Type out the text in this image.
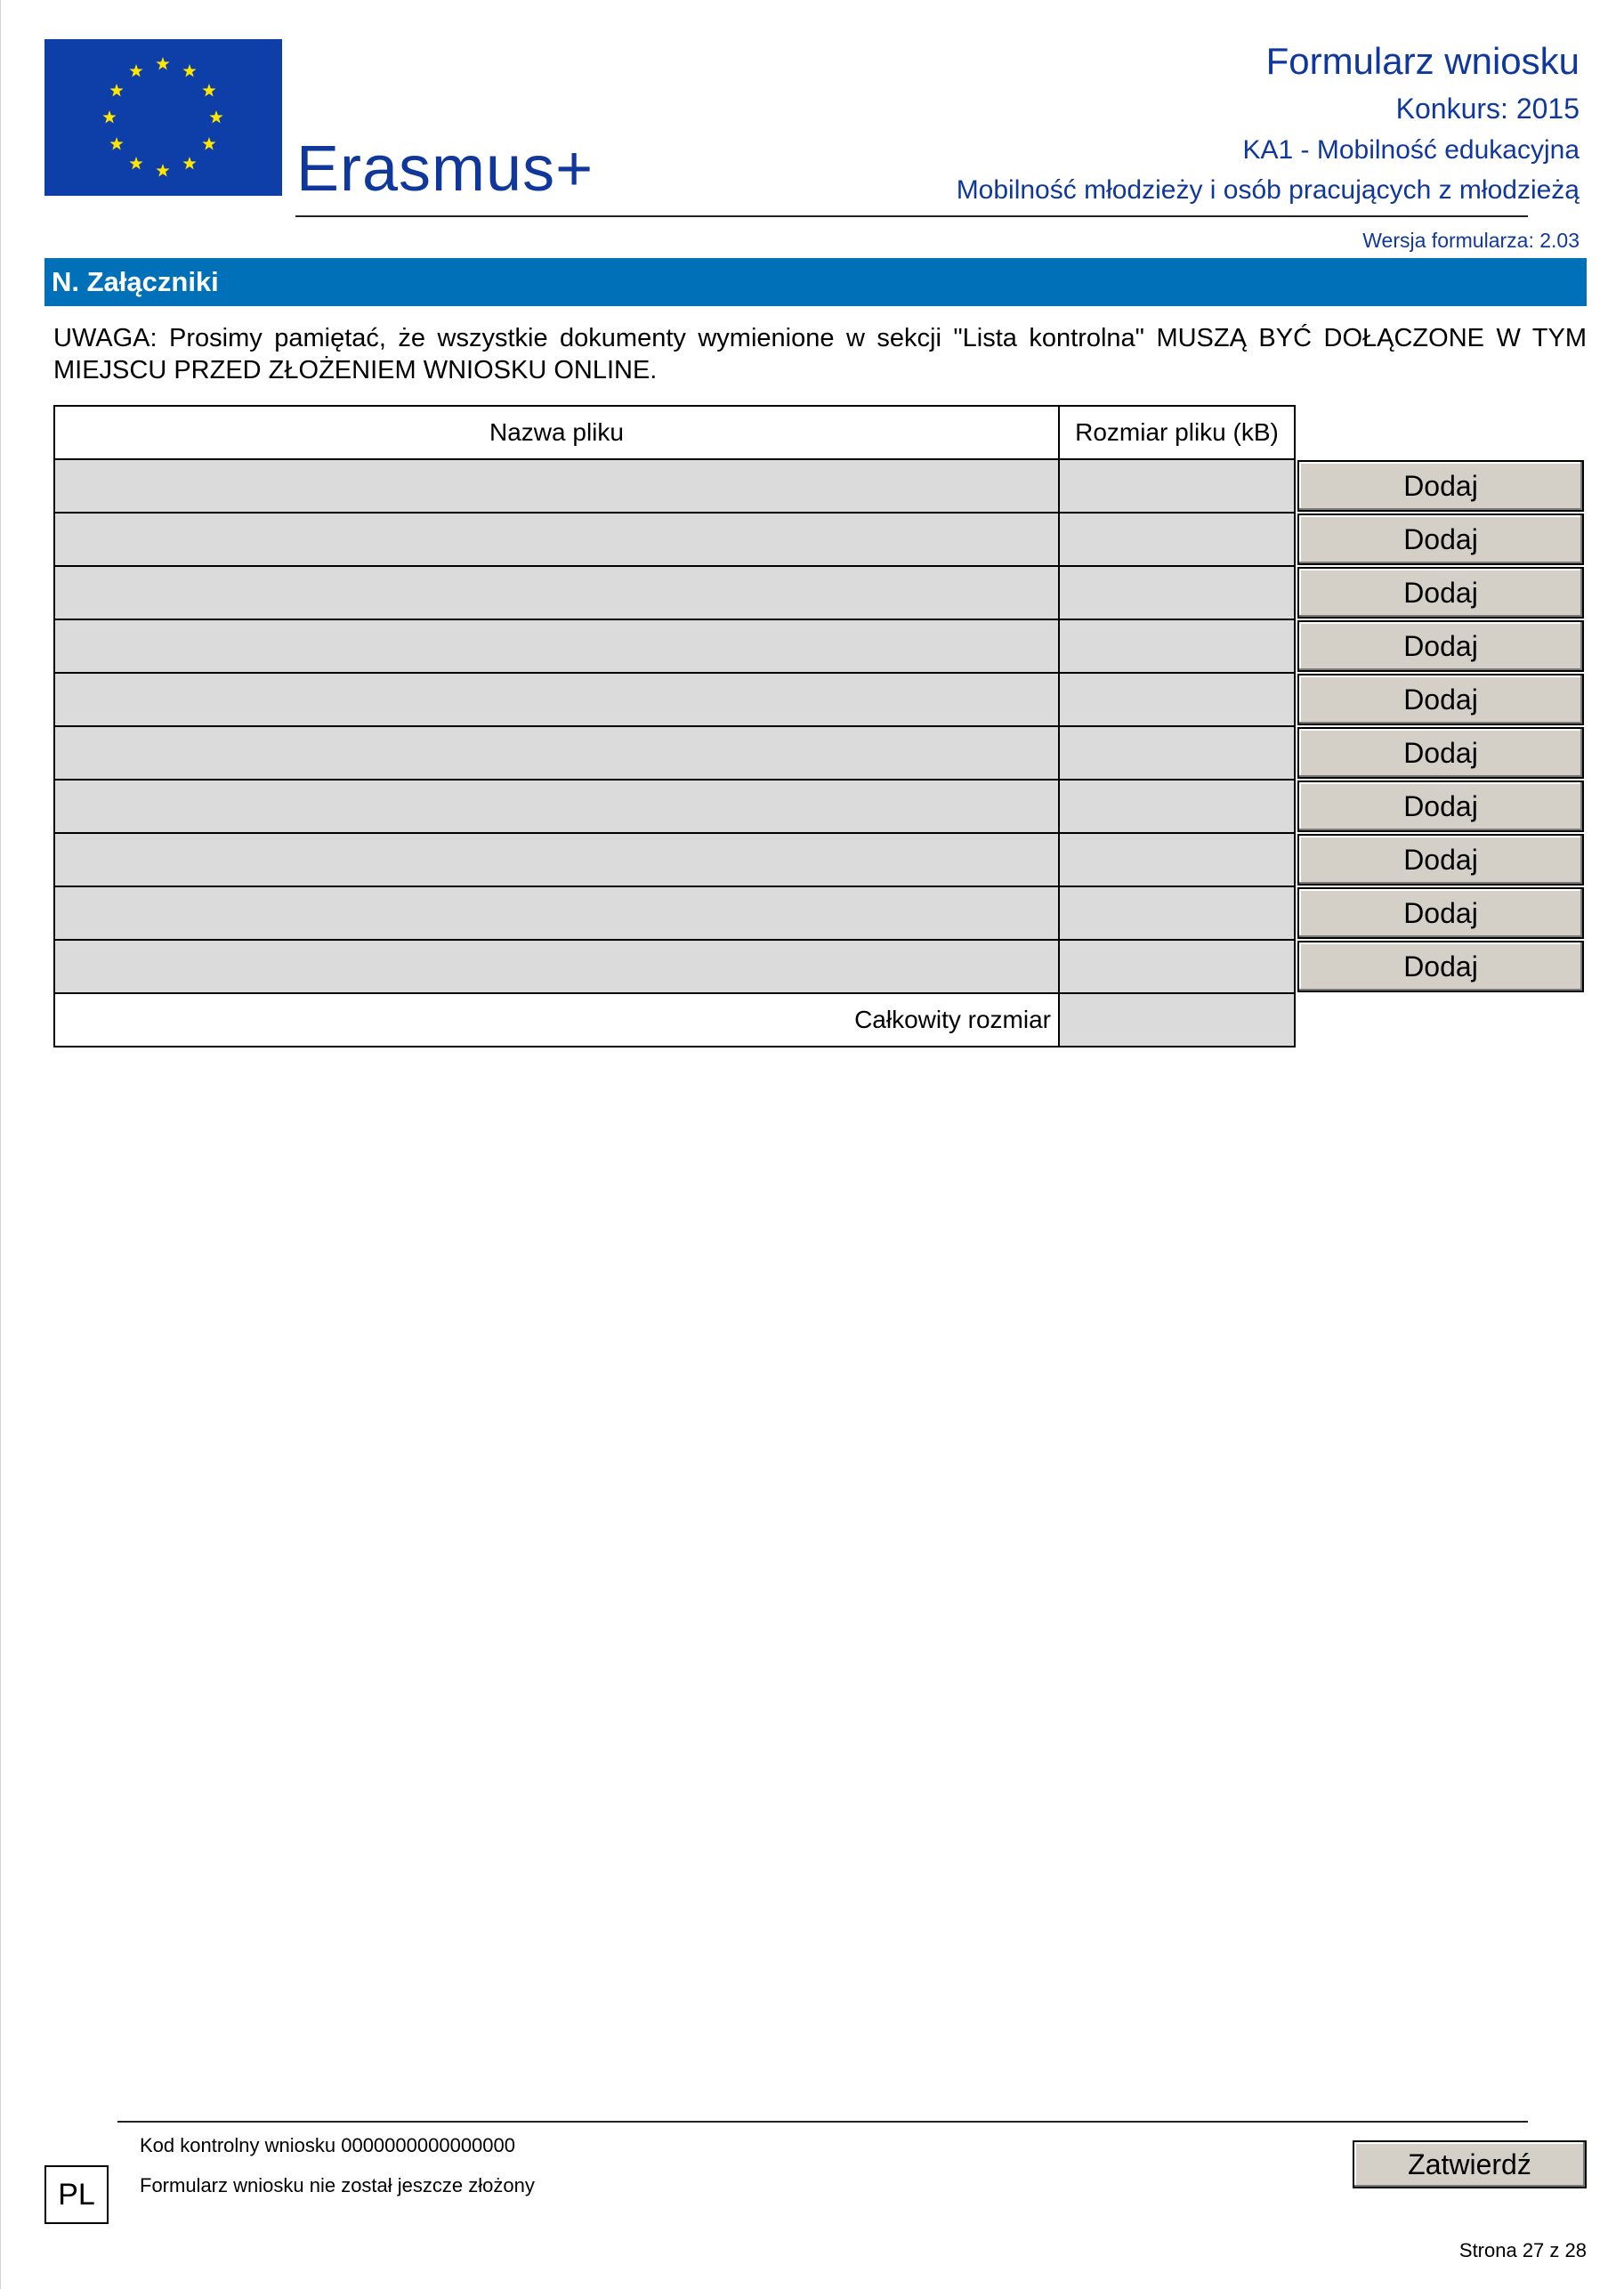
Erasmus+
Formularz wniosku
Konkurs: 2015
KA1 - Mobilność edukacyjna
Mobilność młodzieży i osób pracujących z młodzieżą
Wersja formularza: 2.03
N. Załączniki
UWAGA: Prosimy pamiętać, że wszystkie dokumenty wymienione w sekcji "Lista kontrolna" MUSZĄ BYĆ DOŁĄCZONE W TYM MIEJSCU PRZED ZŁOŻENIEM WNIOSKU ONLINE.
Nazwa pliku	Rozmiar pliku (kB)	

		Dodaj

		Dodaj

		Dodaj

		Dodaj

		Dodaj

		Dodaj

		Dodaj

		Dodaj

		Dodaj

		Dodaj

Całkowity rozmiar		
PL
Kod kontrolny wniosku 0000000000000000
Formularz wniosku nie został jeszcze złożony
Zatwierdź
Strona 27 z 28
